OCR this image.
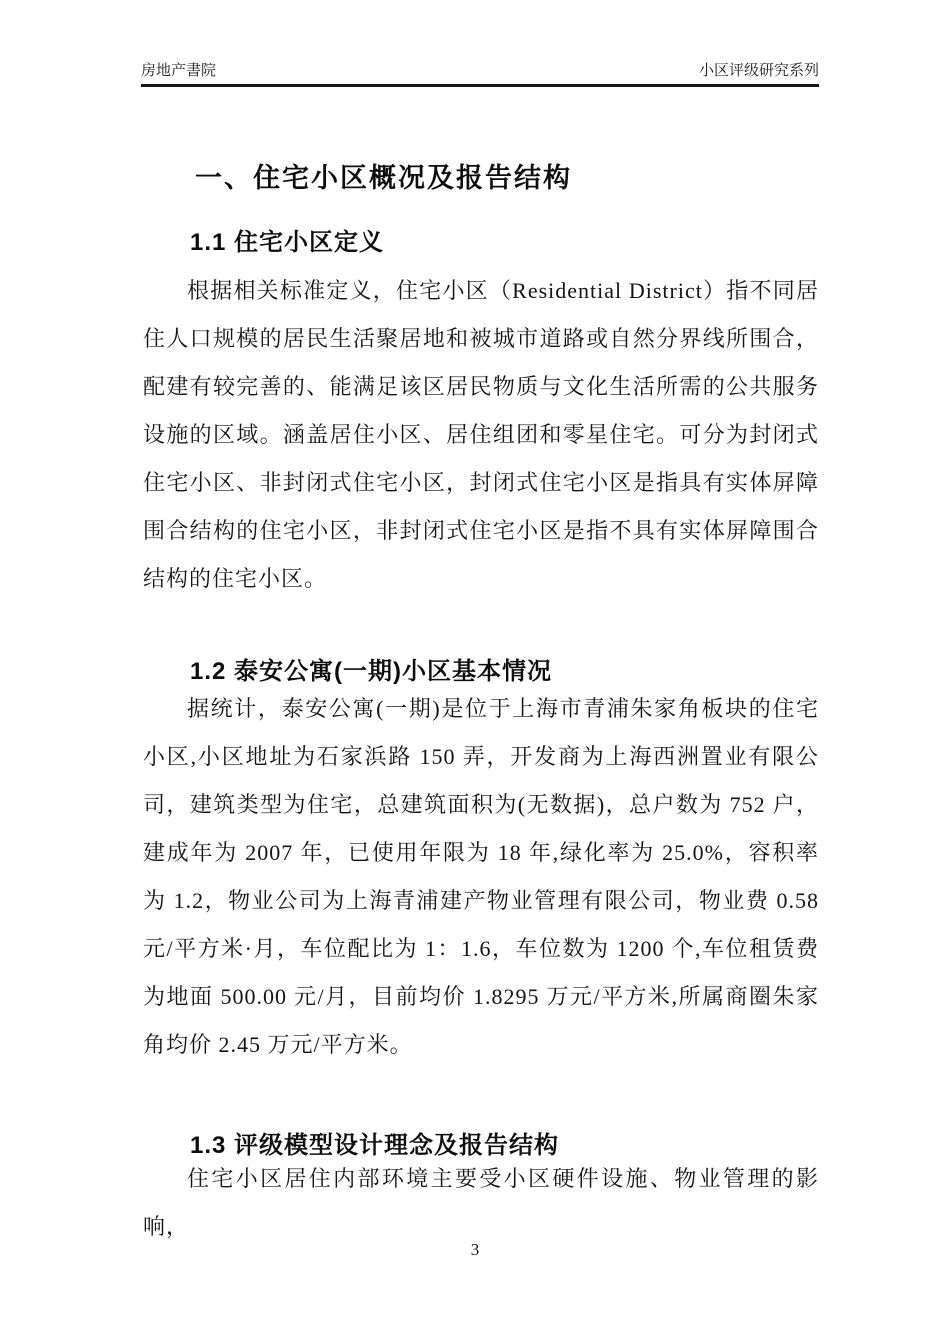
房地产書院	小区评级研究系列
一、住宅小区概况及报告结构
1.1 住宅小区定义

根据相关标准定义，住宅小区（Residential District）指不同居住人口规模的居民生活聚居地和被城市道路或自然分界线所围合，配建有较完善的、能满足该区居民物质与文化生活所需的公共服务设施的区域。涵盖居住小区、居住组团和零星住宅。可分为封闭式住宅小区、非封闭式住宅小区，封闭式住宅小区是指具有实体屏障围合结构的住宅小区，非封闭式住宅小区是指不具有实体屏障围合结构的住宅小区。

1.2 泰安公寓(一期)小区基本情况

据统计，泰安公寓(一期)是位于上海市青浦朱家角板块的住宅小区,小区地址为石家浜路 150 弄，开发商为上海西洲置业有限公司，建筑类型为住宅，总建筑面积为(无数据)，总户数为 752 户，建成年为 2007 年，已使用年限为 18 年,绿化率为 25.0%，容积率为 1.2，物业公司为上海青浦建产物业管理有限公司，物业费 0.58 元/平方米·月，车位配比为 1：1.6，车位数为 1200 个,车位租赁费为地面 500.00 元/月，目前均价 1.8295 万元/平方米,所属商圈朱家角均价 2.45 万元/平方米。

1.3 评级模型设计理念及报告结构

住宅小区居住内部环境主要受小区硬件设施、物业管理的影响，

3
